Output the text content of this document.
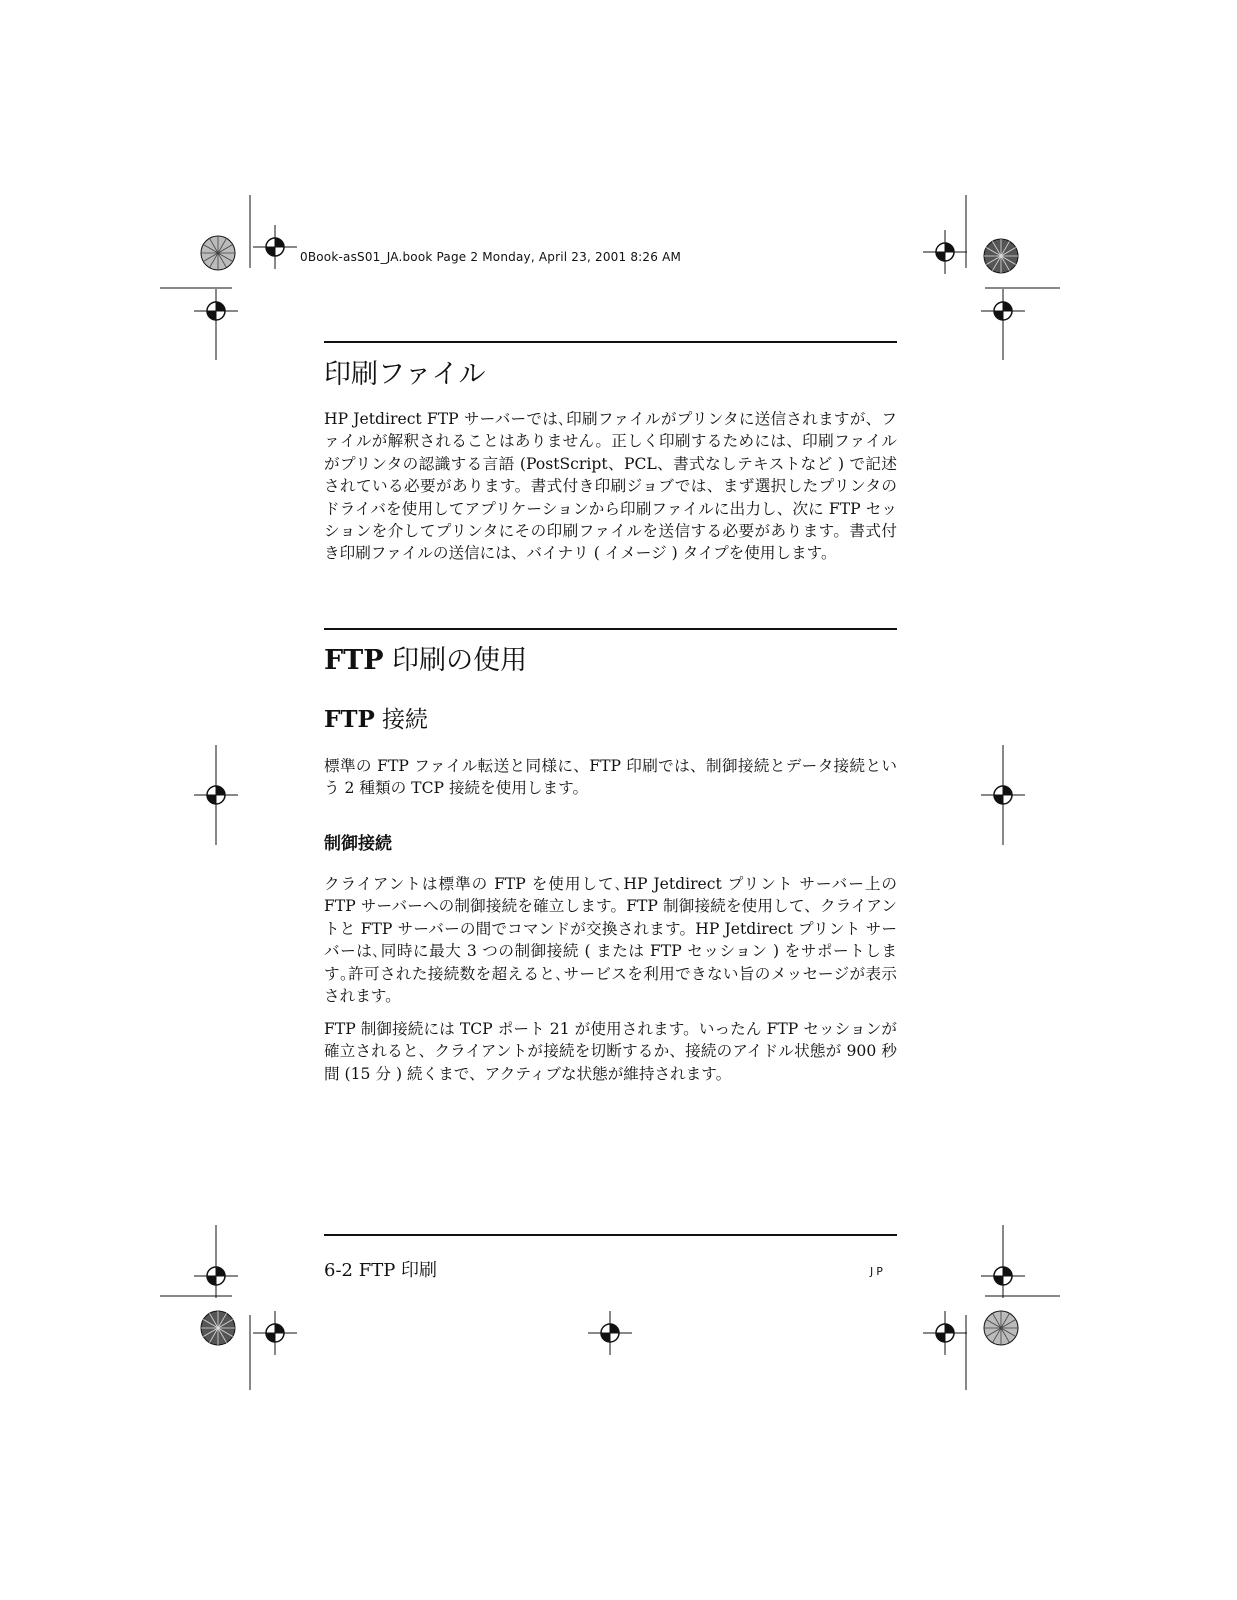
0Book-asS01_JA.book Page 2 Monday, April 23, 2001 8:26 AM
印刷ファイル

HP Jetdirect FTP サーバーでは､印刷ファイルがプリンタに送信されますが、ファイルが解釈されることはありません。正しく印刷するためには、印刷ファイルがプリンタの認識する言語 (PostScript、PCL、書式なしテキストなど ) で記述されている必要があります。書式付き印刷ジョブでは、まず選択したプリンタのドライバを使用してアプリケーションから印刷ファイルに出力し、次に FTP セッションを介してプリンタにその印刷ファイルを送信する必要があります。書式付き印刷ファイルの送信には、バイナリ ( イメージ ) タイプを使用します。

FTP 印刷の使用
FTP 接続

標準の FTP ファイル転送と同様に、FTP 印刷では、制御接続とデータ接続という 2 種類の TCP 接続を使用します。

制御接続

クライアントは標準の FTP を使用して､HP Jetdirect プリント サーバー上の FTP サーバーへの制御接続を確立します。FTP 制御接続を使用して、クライアントと FTP サーバーの間でコマンドが交換されます。HP Jetdirect プリント サーバーは､同時に最大 3 つの制御接続 ( または FTP セッション ) をサポートします｡許可された接続数を超えると､サービスを利用できない旨のメッセージが表示されます。

FTP 制御接続には TCP ポート 21 が使用されます。いったん FTP セッションが確立されると、クライアントが接続を切断するか、接続のアイドル状態が 900 秒間 (15 分 ) 続くまで、アクティブな状態が維持されます。

6-2 FTP 印刷	JP
